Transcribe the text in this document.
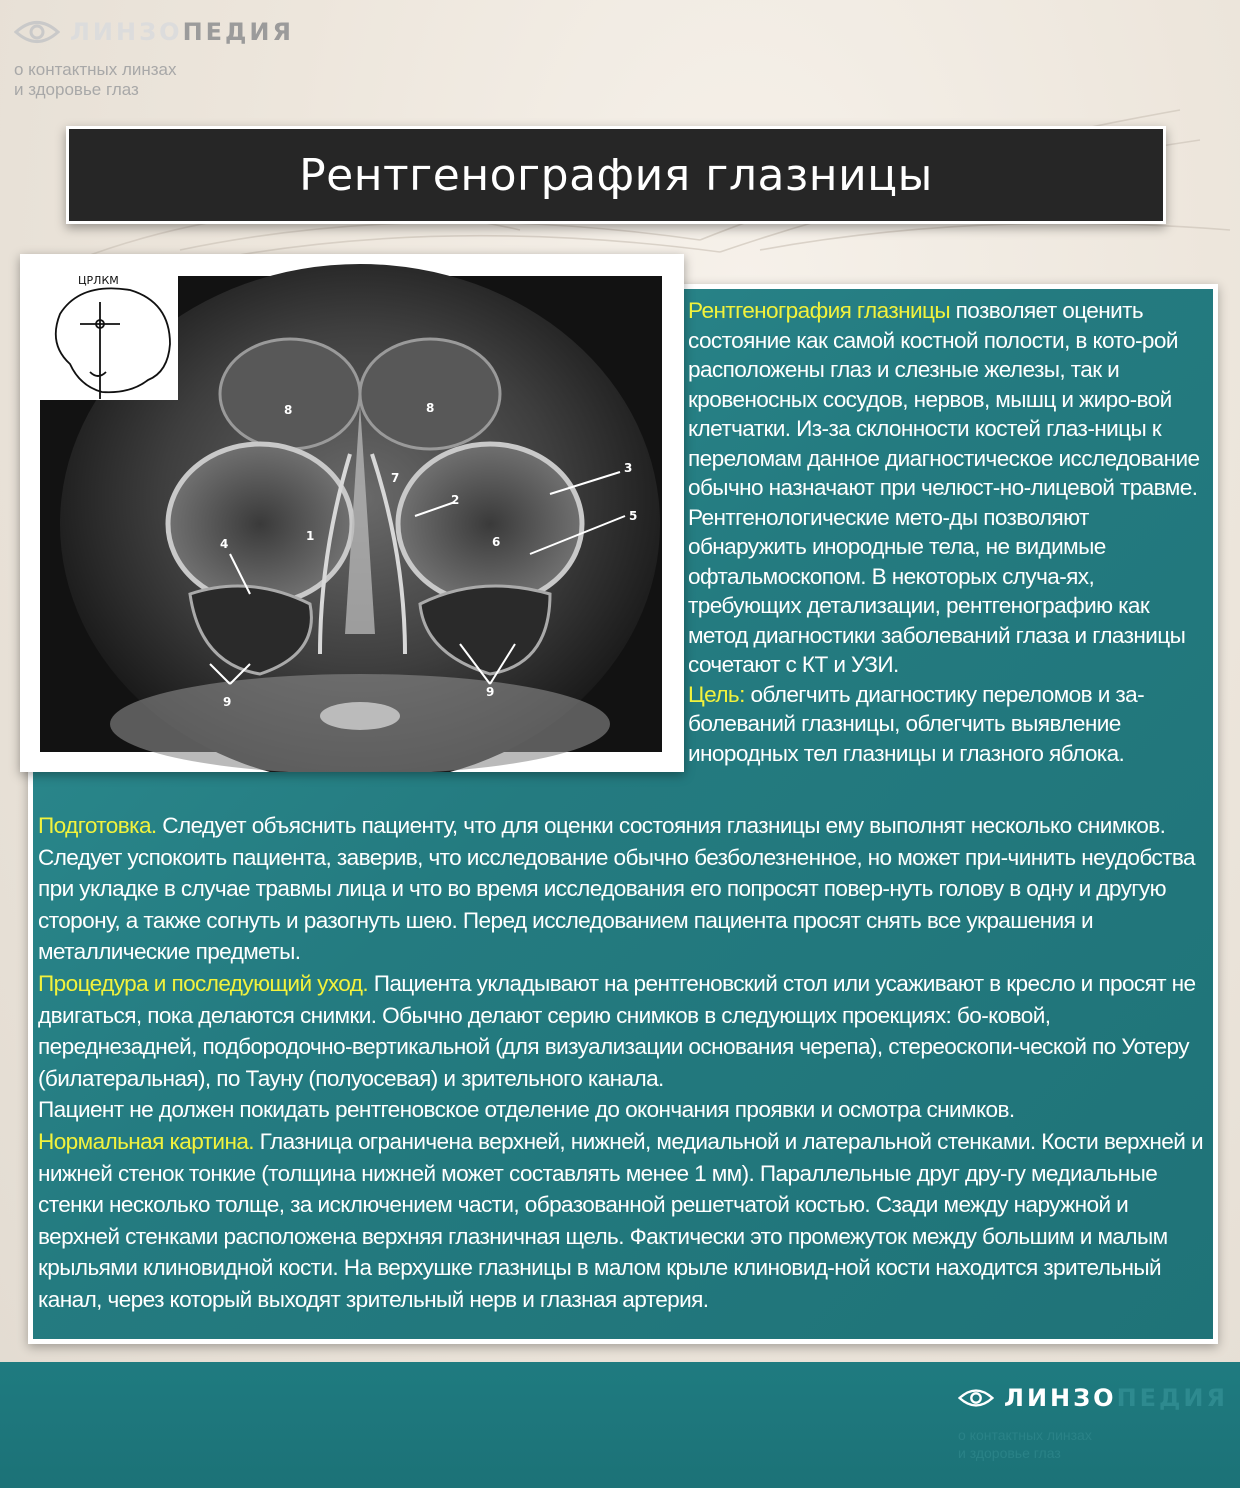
ЛИНЗОПЕДИЯ
о контактных линзах
и здоровье глаз
Рентгенография глазницы
8	8
7
2
3
5
1	6
4
9
9
ЦРЛКМ

Рентгенография глазницы позволяет оценить состояние как самой костной полости, в кото-рой расположены глаз и слезные железы, так и кровеносных сосудов, нервов, мышц и жиро-вой клетчатки. Из-за склонности костей глаз-ницы к переломам данное диагностическое исследование обычно назначают при челюст-но-лицевой травме. Рентгенологические мето-ды позволяют обнаружить инородные тела, не видимые офтальмоскопом. В некоторых случа-ях, требующих детализации, рентгенографию как метод диагностики заболеваний глаза и глазницы сочетают с КТ и УЗИ.

Цель: облегчить диагностику переломов и за-болеваний глазницы, облегчить выявление инородных тел глазницы и глазного яблока.

Подготовка. Следует объяснить пациенту, что для оценки состояния глазницы ему выполнят несколько снимков. Следует успокоить пациента, заверив, что исследование обычно безболезненное, но может при-чинить неудобства при укладке в случае травмы лица и что во время исследования его попросят повер-нуть голову в одну и другую сторону, а также согнуть и разогнуть шею. Перед исследованием пациента просят снять все украшения и металлические предметы.

Процедура и последующий уход. Пациента укладывают на рентгеновский стол или усаживают в кресло и просят не двигаться, пока делаются снимки. Обычно делают серию снимков в следующих проекциях: бо-ковой, переднезадней, подбородочно-вертикальной (для визуализации основания черепа), стереоскопи-ческой по Уотеру (билатеральная), по Тауну (полуосевая) и зрительного канала.

Пациент не должен покидать рентгеновское отделение до окончания проявки и осмотра снимков.

Нормальная картина. Глазница ограничена верхней, нижней, медиальной и латеральной стенками. Кости верхней и нижней стенок тонкие (толщина нижней может составлять менее 1 мм). Параллельные друг дру-гу медиальные стенки несколько толще, за исключением части, образованной решетчатой костью. Сзади между наружной и верхней стенками расположена верхняя глазничная щель. Фактически это промежуток между большим и малым крыльями клиновидной кости. На верхушке глазницы в малом крыле клиновид-ной кости находится зрительный канал, через который выходят зрительный нерв и глазная артерия.

ЛИНЗОПЕДИЯ
о контактных линзах
и здоровье глаз
